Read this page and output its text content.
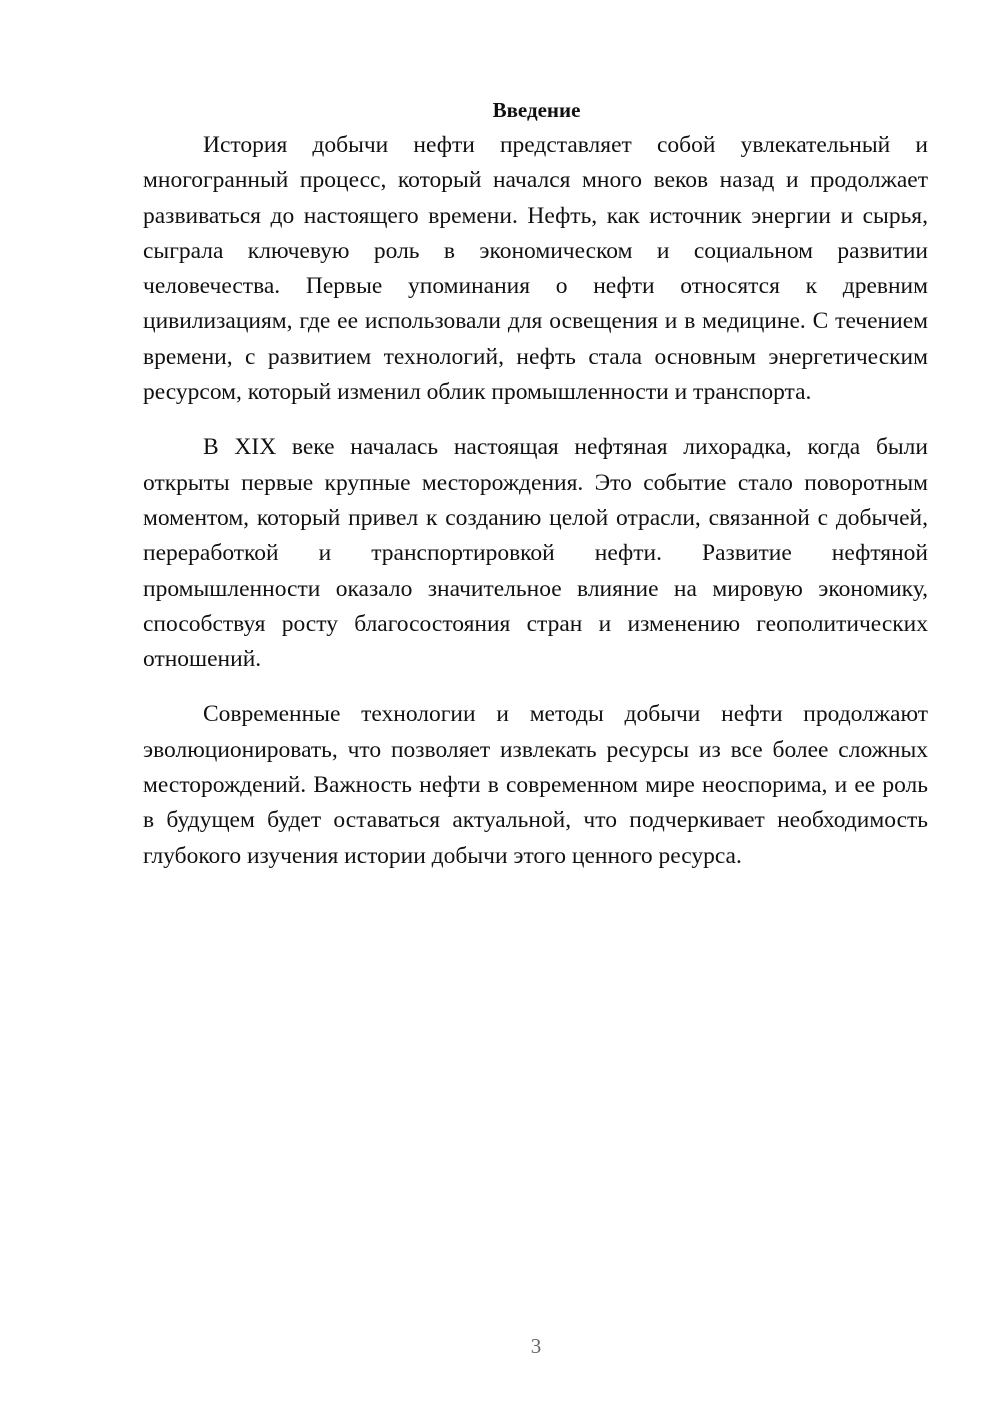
Введение

История добычи нефти представляет собой увлекательный и многогранный процесс, который начался много веков назад и продолжает развиваться до настоящего времени. Нефть, как источник энергии и сырья, сыграла ключевую роль в экономическом и социальном развитии человечества. Первые упоминания о нефти относятся к древним цивилизациям, где ее использовали для освещения и в медицине. С течением времени, с развитием технологий, нефть стала основным энергетическим ресурсом, который изменил облик промышленности и транспорта.

В XIX веке началась настоящая нефтяная лихорадка, когда были открыты первые крупные месторождения. Это событие стало поворотным моментом, который привел к созданию целой отрасли, связанной с добычей, переработкой и транспортировкой нефти. Развитие нефтяной промышленности оказало значительное влияние на мировую экономику, способствуя росту благосостояния стран и изменению геополитических отношений.

Современные технологии и методы добычи нефти продолжают эволюционировать, что позволяет извлекать ресурсы из все более сложных месторождений. Важность нефти в современном мире неоспорима, и ее роль в будущем будет оставаться актуальной, что подчеркивает необходимость глубокого изучения истории добычи этого ценного ресурса.

3
